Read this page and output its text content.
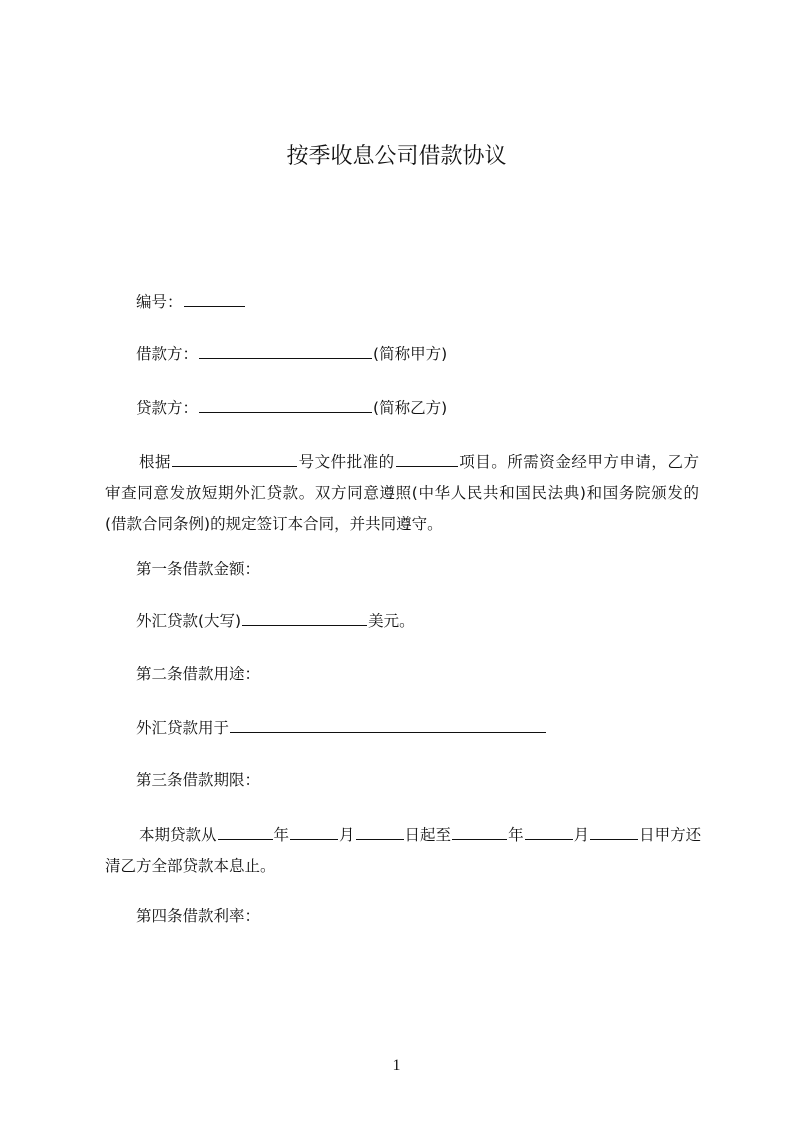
按季收息公司借款协议

编号：

借款方：	(简称甲方)

贷款方：	(简称乙方)

根据	号文件批准的	项目。所需资金经甲方申请，乙方
审查同意发放短期外汇贷款。双方同意遵照(中华人民共和国民法典)和国务院颁发的
(借款合同条例)的规定签订本合同，并共同遵守。

第一条借款金额：

外汇贷款(大写)	美元。

第二条借款用途：

外汇贷款用于

第三条借款期限：

本期贷款从	年	月	日起至	年	月	日甲方还
清乙方全部贷款本息止。

第四条借款利率：

1
